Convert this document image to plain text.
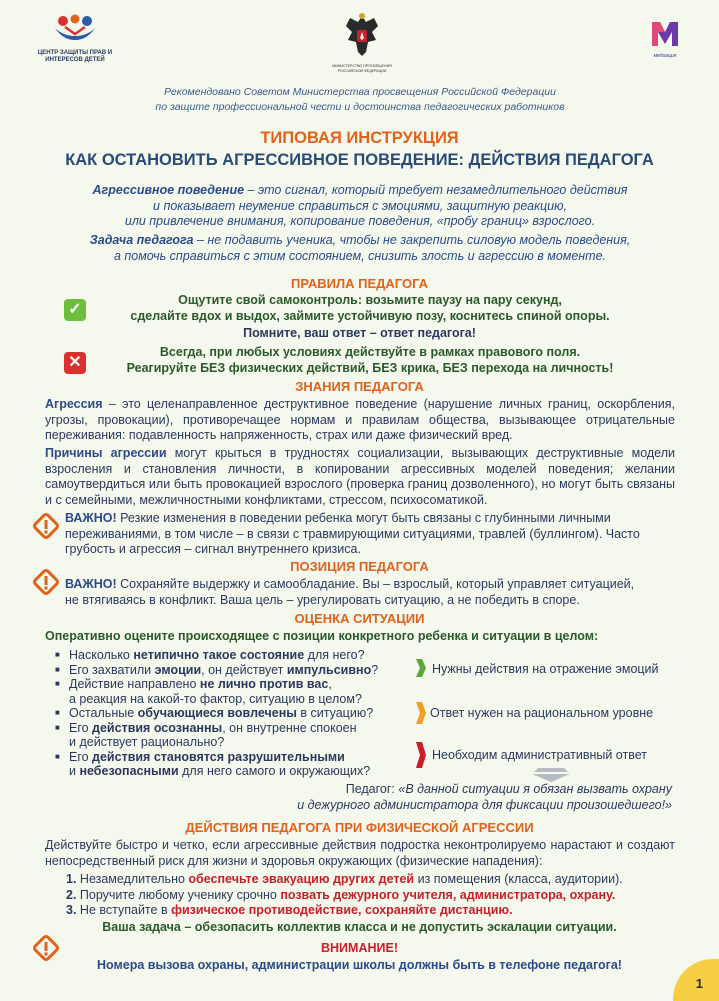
ЦЕНТР ЗАЩИТЫ ПРАВ И ИНТЕРЕСОВ ДЕТЕЙ
МИНИСТЕРСТВО ПРОСВЕЩЕНИЯ РОССИЙСКОЙ ФЕДЕРАЦИИ
медиация
Рекомендовано Советом Министерства просвещения Российской Федерации
по защите профессиональной чести и достоинства педагогических работников
ТИПОВАЯ ИНСТРУКЦИЯ
КАК ОСТАНОВИТЬ АГРЕССИВНОЕ ПОВЕДЕНИЕ: ДЕЙСТВИЯ ПЕДАГОГА
Агрессивное поведение – это сигнал, который требует незамедлительного действия
и показывает неумение справиться с эмоциями, защитную реакцию,
или привлечение внимания, копирование поведения, «пробу границ» взрослого.
Задача педагога – не подавить ученика, чтобы не закрепить силовую модель поведения,
а помочь справиться с этим состоянием, снизить злость и агрессию в моменте.
ПРАВИЛА ПЕДАГОГА
✓
Ощутите свой самоконтроль: возьмите паузу на пару секунд,
сделайте вдох и выдох, займите устойчивую позу, коснитесь спиной опоры.
Помните, ваш ответ – ответ педагога!
✕
Всегда, при любых условиях действуйте в рамках правового поля.
Реагируйте БЕЗ физических действий, БЕЗ крика, БЕЗ перехода на личность!
ЗНАНИЯ ПЕДАГОГА
Агрессия – это целенаправленное деструктивное поведение (нарушение личных границ, оскорбления, угрозы, провокации), противоречащее нормам и правилам общества, вызывающее отрицательные переживания: подавленность напряженность, страх или даже физический вред.
Причины агрессии могут крыться в трудностях социализации, вызывающих деструктивные модели взросления и становления личности, в копировании агрессивных моделей поведения; желании самоутвердиться или быть провокацией взрослого (проверка границ дозволенного), но могут быть связаны и с семейными, межличностными конфликтами, стрессом, психосоматикой.
ВАЖНО! Резкие изменения в поведении ребенка могут быть связаны с глубинными личными переживаниями, в том числе – в связи с травмирующими ситуациями, травлей (буллингом). Часто грубость и агрессия – сигнал внутреннего кризиса.
ПОЗИЦИЯ ПЕДАГОГА
ВАЖНО! Сохраняйте выдержку и самообладание. Вы – взрослый, который управляет ситуацией,
не втягиваясь в конфликт. Ваша цель – урегулировать ситуацию, а не победить в споре.
ОЦЕНКА СИТУАЦИИ
Оперативно оцените происходящее с позиции конкретного ребенка и ситуации в целом:
■ Насколько нетипично такое состояние для него?
■ Его захватили эмоции, он действует импульсивно?
■ Действие направлено не лично против вас,
а реакция на какой-то фактор, ситуацию в целом?
■ Остальные обучающиеся вовлечены в ситуацию?
■ Его действия осознанны, он внутренне спокоен
и действует рационально?
■ Его действия становятся разрушительными
и небезопасными для него самого и окружающих?
Нужны действия на отражение эмоций
Ответ нужен на рациональном уровне
Необходим административный ответ
Педагог: «В данной ситуации я обязан вызвать охрану
и дежурного администратора для фиксации произошедшего!»
ДЕЙСТВИЯ ПЕДАГОГА ПРИ ФИЗИЧЕСКОЙ АГРЕССИИ
Действуйте быстро и четко, если агрессивные действия подростка неконтролируемо нарастают и создают непосредственный риск для жизни и здоровья окружающих (физические нападения):
1. Незамедлительно обеспечьте эвакуацию других детей из помещения (класса, аудитории).
2. Поручите любому ученику срочно позвать дежурного учителя, администратора, охрану.
3. Не вступайте в физическое противодействие, сохраняйте дистанцию.
Ваша задача – обезопасить коллектив класса и не допустить эскалации ситуации.
ВНИМАНИЕ!
Номера вызова охраны, администрации школы должны быть в телефоне педагога!
1
